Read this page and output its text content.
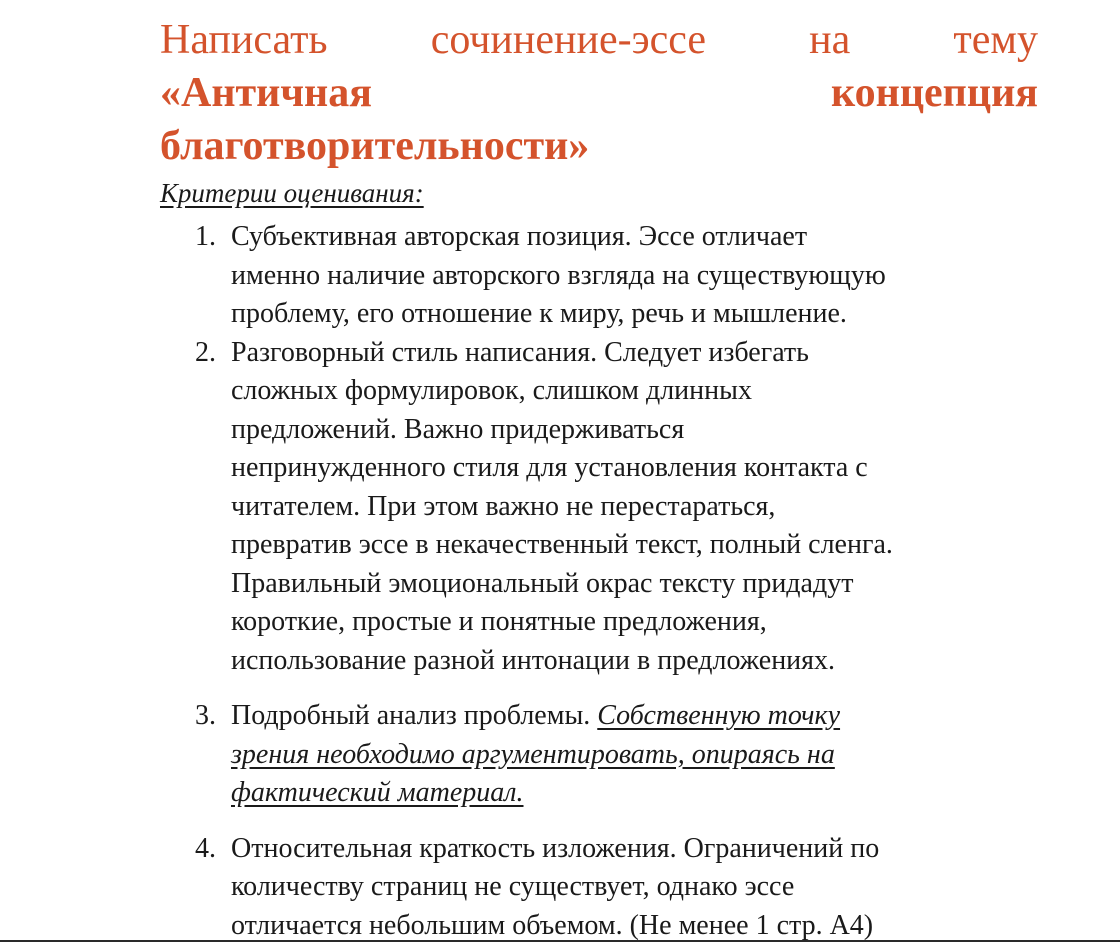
Написать сочинение-эссе на тему
«Античная	концепция
благотворительности»
Критерии оценивания:
1. Субъективная авторская позиция. Эссе отличает
именно наличие авторского взгляда на существующую
проблему, его отношение к миру, речь и мышление.
2. Разговорный стиль написания. Следует избегать
сложных формулировок, слишком длинных
предложений. Важно придерживаться
непринужденного стиля для установления контакта с
читателем. При этом важно не перестараться,
превратив эссе в некачественный текст, полный сленга.
Правильный эмоциональный окрас тексту придадут
короткие, простые и понятные предложения,
использование разной интонации в предложениях.
3. Подробный анализ проблемы. Собственную точку
зрения необходимо аргументировать, опираясь на
фактический материал.
4. Относительная краткость изложения. Ограничений по
количеству страниц не существует, однако эссе
отличается небольшим объемом. (Не менее 1 стр. А4)
